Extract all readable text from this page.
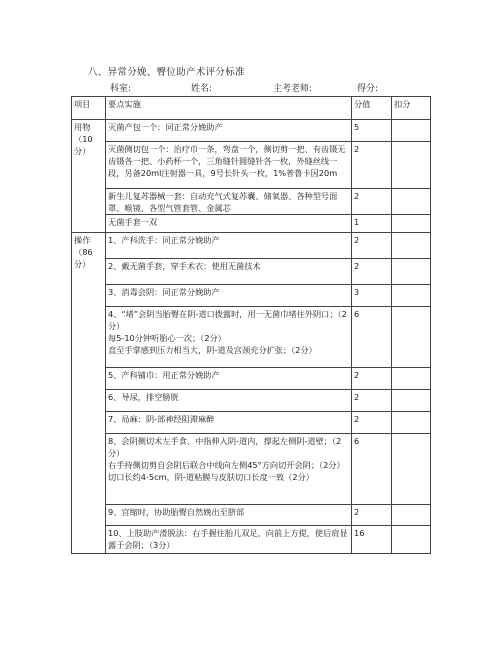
八、异常分娩、臀位助产术评分标准
科室:	姓名:	主考老师:	得分:
项目	要点实施	分值	扣分
用物
（10
分）	灭菌产包一个：同正常分娩助产	5	
	灭菌侧切包一个：治疗巾一条，弯盘一个，侧切剪一把、有齿镊无齿镊各一把、小药杯一个，三角缝针圆缝针各一枚，外缝丝线一段，另备20ml注射器一具，9号长针头一枚，1%普鲁卡因20m	2	
	新生儿复苏器械一套：自动充气式复苏囊、储氧器、各种型号面罩、喉镜、各型气管套管、金属芯	2	
	无菌手套一双	1	
操作
（86
分）	1、产科洗手：同正常分娩助产	2	
	2、戴无菌手套，穿手术衣：使用无菌技术	2	
	3、消毒会阴：同正常分娩助产	3	
	4、“堵”会阴当胎臀在阴-道口拨露时，用一无菌巾堵住外阴口；（2分）
每5-10分钟听胎心一次；（2分）
直至手掌感到压力相当大，阴-道及宫颈充分扩张；（2分）	6	
	5、产科铺巾：用正常分娩助产	2	
	6、导尿，排空膀胱	2	
	7、局麻：阴-部神经阻滞麻醉	2	
	8、会阴侧切术左手食、中指伸入阴-道内，撑起左侧阴-道壁；（2分）
右手持侧切剪自会阴后联合中线向左侧45°方向切开会阴；（2分）
切口长约4-5cm，阴-道粘膜与皮肤切口长度一致（2分）	6	
	9、宫缩时，协助胎臀自然娩出至脐部	2	
	10、上肢助产滑脱法：右手握住胎儿双足，向前上方提，使后肩显露于会阴；（3分）	16	
